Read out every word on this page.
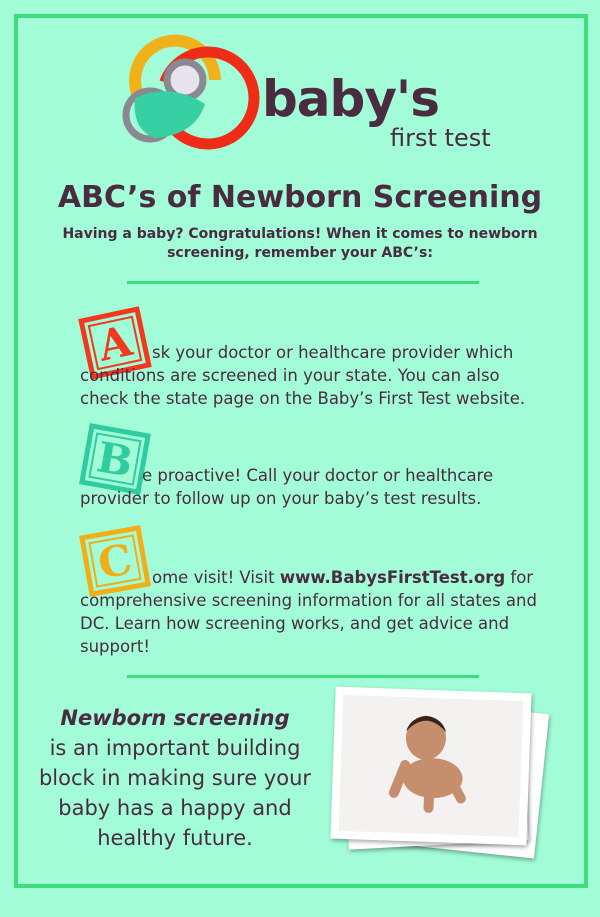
baby's
first test
ABC’s of Newborn Screening
Having a baby? Congratulations! When it comes to newborn screening, remember your ABC’s:
A sk your doctor or healthcare provider which conditions are screened in your state. You can also check the state page on the Baby’s First Test website.
B e proactive! Call your doctor or healthcare provider to follow up on your baby’s test results.
C ome visit! Visit www.BabysFirstTest.org for comprehensive screening information for all states and DC. Learn how screening works, and get advice and support!
Newborn screening
is an important building block in making sure your baby has a happy and healthy future.
